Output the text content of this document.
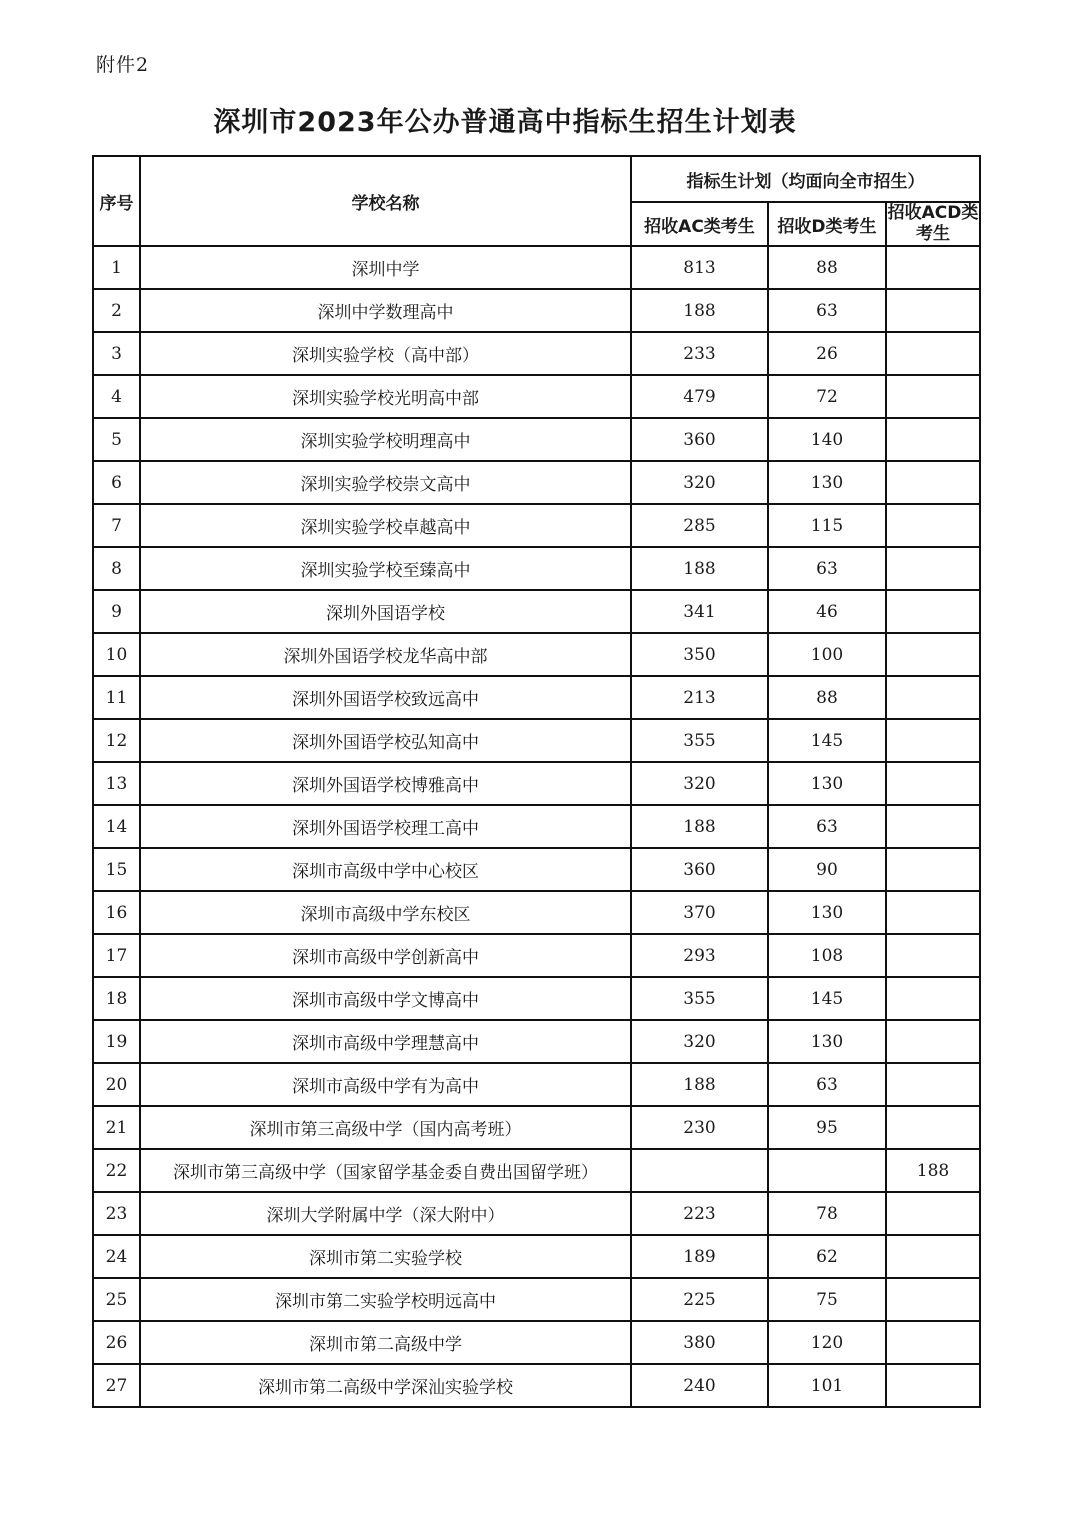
附件2
深圳市2023年公办普通高中指标生招生计划表
序号	学校名称	指标生计划（均面向全市招生）		
		招收AC类考生	招收D类考生	招收ACD类考生
1	深圳中学	813	88	
2	深圳中学数理高中	188	63	
3	深圳实验学校（高中部）	233	26	
4	深圳实验学校光明高中部	479	72	
5	深圳实验学校明理高中	360	140	
6	深圳实验学校崇文高中	320	130	
7	深圳实验学校卓越高中	285	115	
8	深圳实验学校至臻高中	188	63	
9	深圳外国语学校	341	46	
10	深圳外国语学校龙华高中部	350	100	
11	深圳外国语学校致远高中	213	88	
12	深圳外国语学校弘知高中	355	145	
13	深圳外国语学校博雅高中	320	130	
14	深圳外国语学校理工高中	188	63	
15	深圳市高级中学中心校区	360	90	
16	深圳市高级中学东校区	370	130	
17	深圳市高级中学创新高中	293	108	
18	深圳市高级中学文博高中	355	145	
19	深圳市高级中学理慧高中	320	130	
20	深圳市高级中学有为高中	188	63	
21	深圳市第三高级中学（国内高考班）	230	95	
22	深圳市第三高级中学（国家留学基金委自费出国留学班）			188
23	深圳大学附属中学（深大附中）	223	78	
24	深圳市第二实验学校	189	62	
25	深圳市第二实验学校明远高中	225	75	
26	深圳市第二高级中学	380	120	
27	深圳市第二高级中学深汕实验学校	240	101	
